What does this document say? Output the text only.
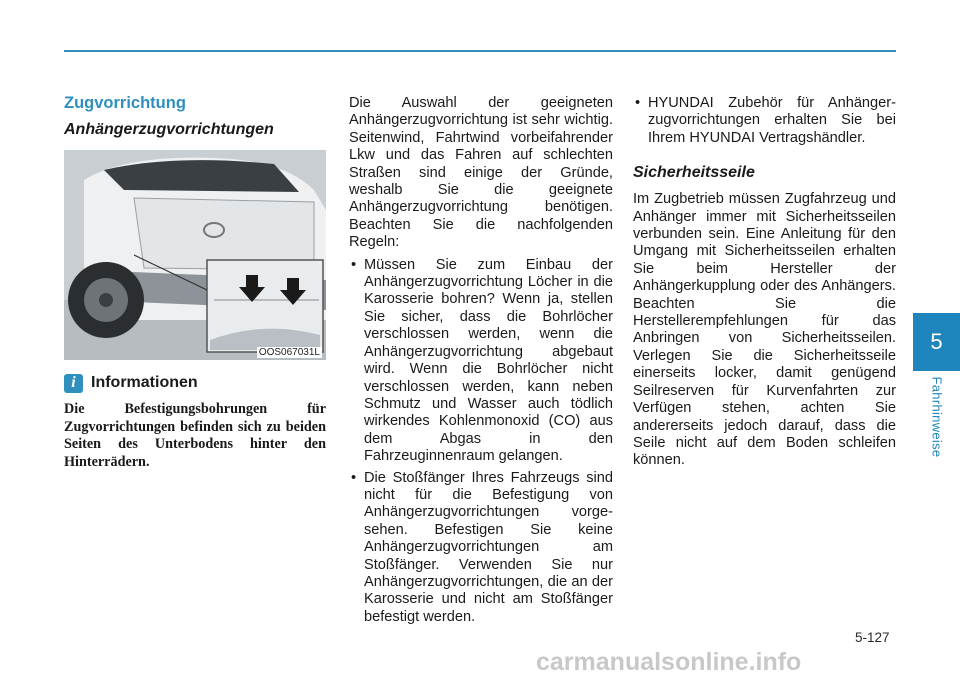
5
Fahrhinweise
Zugvorrichtung
Anhängerzugvorrichtungen
OOS067031L
i Informationen
Die Befestigungsbohrungen für Zugvorrichtungen befinden sich zu beiden Seiten des Unterbodens hinter den Hinterrädern.

Die Auswahl der geeigneten Anhängerzugvorrichtung ist sehr wichtig. Seitenwind, Fahrtwind vorbeifahrender Lkw und das Fahren auf schlechten Straßen sind einige der Gründe, weshalb Sie die geeignete Anhängerzugvorrichtung benötigen. Beachten Sie die nachfolgenden Regeln:

• Müssen Sie zum Einbau der Anhängerzugvorrichtung Löcher in die Karosserie bohren? Wenn ja, stellen Sie sicher, dass die Bohrlöcher verschlossen werden, wenn die Anhängerzugvorrichtung abgebaut wird. Wenn die Bohrlöcher nicht verschlossen werden, kann neben Schmutz und Wasser auch tödlich wirkendes Kohlenmonoxid (CO) aus dem Abgas in den Fahrzeuginnenraum gelangen.
• Die Stoßfänger Ihres Fahrzeugs sind nicht für die Befestigung von Anhängerzugvorrichtungen vorge-sehen. Befestigen Sie keine Anhängerzugvorrichtungen am Stoßfänger. Verwenden Sie nur Anhängerzugvorrichtungen, die an der Karosserie und nicht am Stoßfänger befestigt werden.
• HYUNDAI Zubehör für Anhänger-zugvorrichtungen erhalten Sie bei Ihrem HYUNDAI Vertragshändler.
Sicherheitsseile

Im Zugbetrieb müssen Zugfahrzeug und Anhänger immer mit Sicherheitsseilen verbunden sein. Eine Anleitung für den Umgang mit Sicherheitsseilen erhalten Sie beim Hersteller der Anhängerkupplung oder des Anhängers. Beachten Sie die Herstellerempfehlungen für das Anbringen von Sicherheitsseilen. Verlegen Sie die Sicherheitsseile einerseits locker, damit genügend Seilreserven für Kurvenfahrten zur Verfügen stehen, achten Sie andererseits jedoch darauf, dass die Seile nicht auf dem Boden schleifen können.

5-127
carmanualsonline.info
